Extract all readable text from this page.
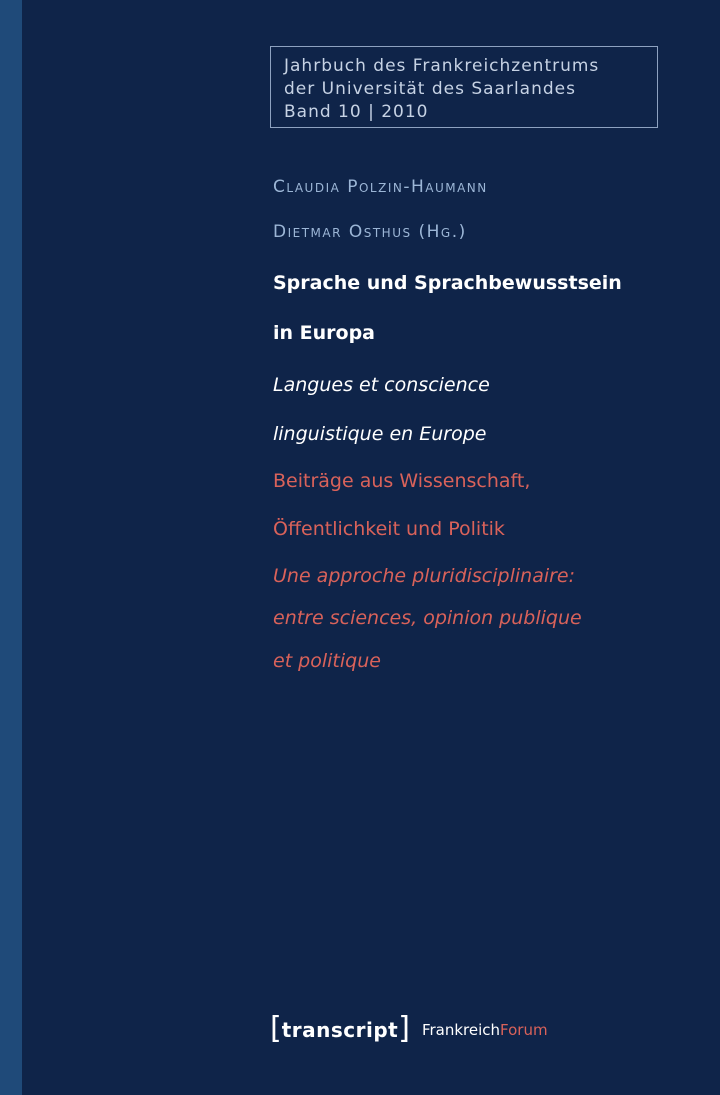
Jahrbuch des Frankreichzentrums
der Universität des Saarlandes
Band 10 | 2010
Claudia Polzin-Haumann
Dietmar Osthus (Hg.)
Sprache und Sprachbewusstsein
in Europa
Langues et conscience
linguistique en Europe
Beiträge aus Wissenschaft,
Öffentlichkeit und Politik
Une approche pluridisciplinaire:
entre sciences, opinion publique
et politique
[ transcript ] FrankreichForum
